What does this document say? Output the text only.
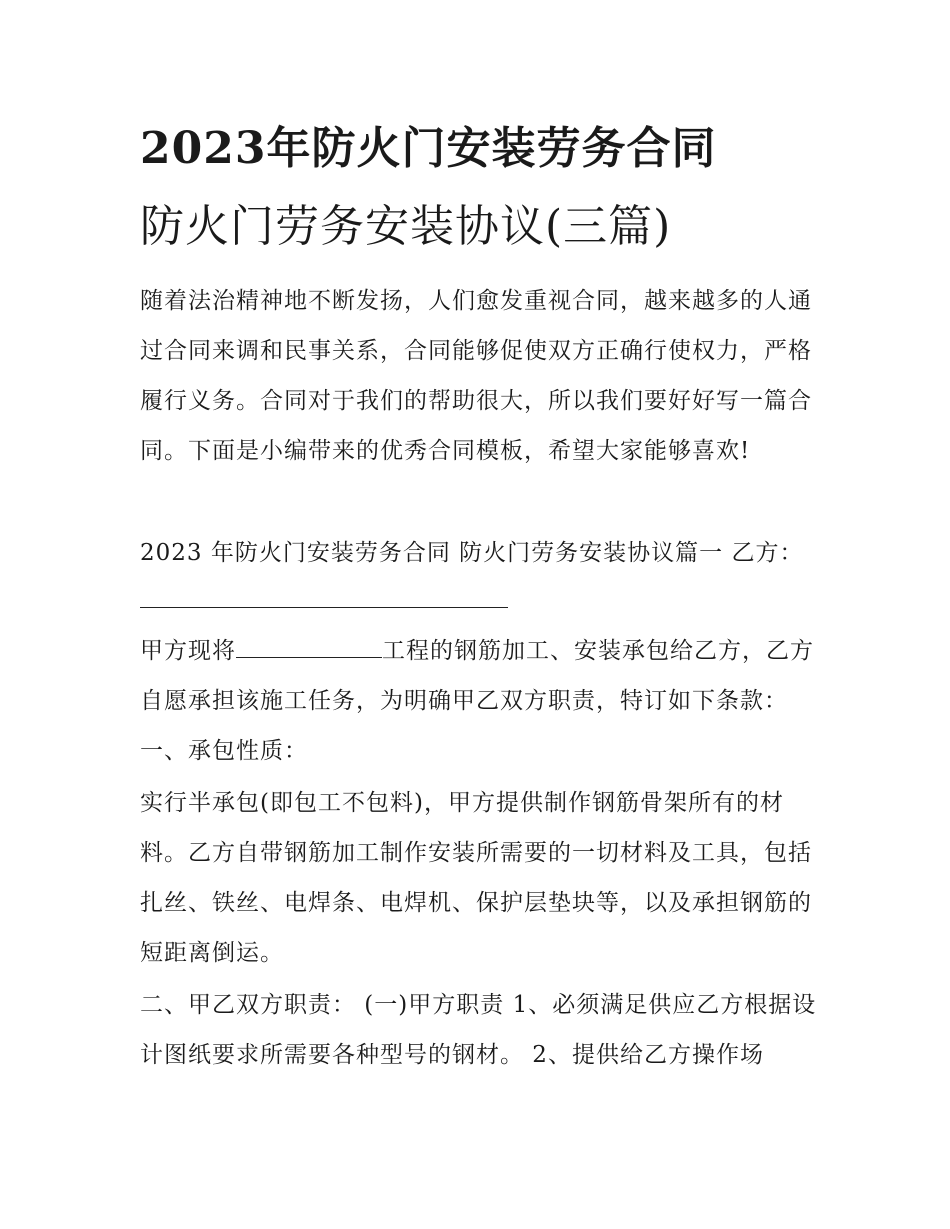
2023年防火门安装劳务合同
防火门劳务安装协议(三篇)
随着法治精神地不断发扬，人们愈发重视合同，越来越多的人通过合同来调和民事关系，合同能够促使双方正确行使权力，严格履行义务。合同对于我们的帮助很大，所以我们要好好写一篇合同。下面是小编带来的优秀合同模板，希望大家能够喜欢!
2023 年防火门安装劳务合同 防火门劳务安装协议篇一 乙方：
甲方现将	工程的钢筋加工、安装承包给乙方，乙方自愿承担该施工任务，为明确甲乙双方职责，特订如下条款： 一、承包性质：
实行半承包(即包工不包料)，甲方提供制作钢筋骨架所有的材料。乙方自带钢筋加工制作安装所需要的一切材料及工具，包括扎丝、铁丝、电焊条、电焊机、保护层垫块等，以及承担钢筋的短距离倒运。
二、甲乙双方职责： (一)甲方职责 1、必须满足供应乙方根据设计图纸要求所需要各种型号的钢材。 2、提供给乙方操作场
